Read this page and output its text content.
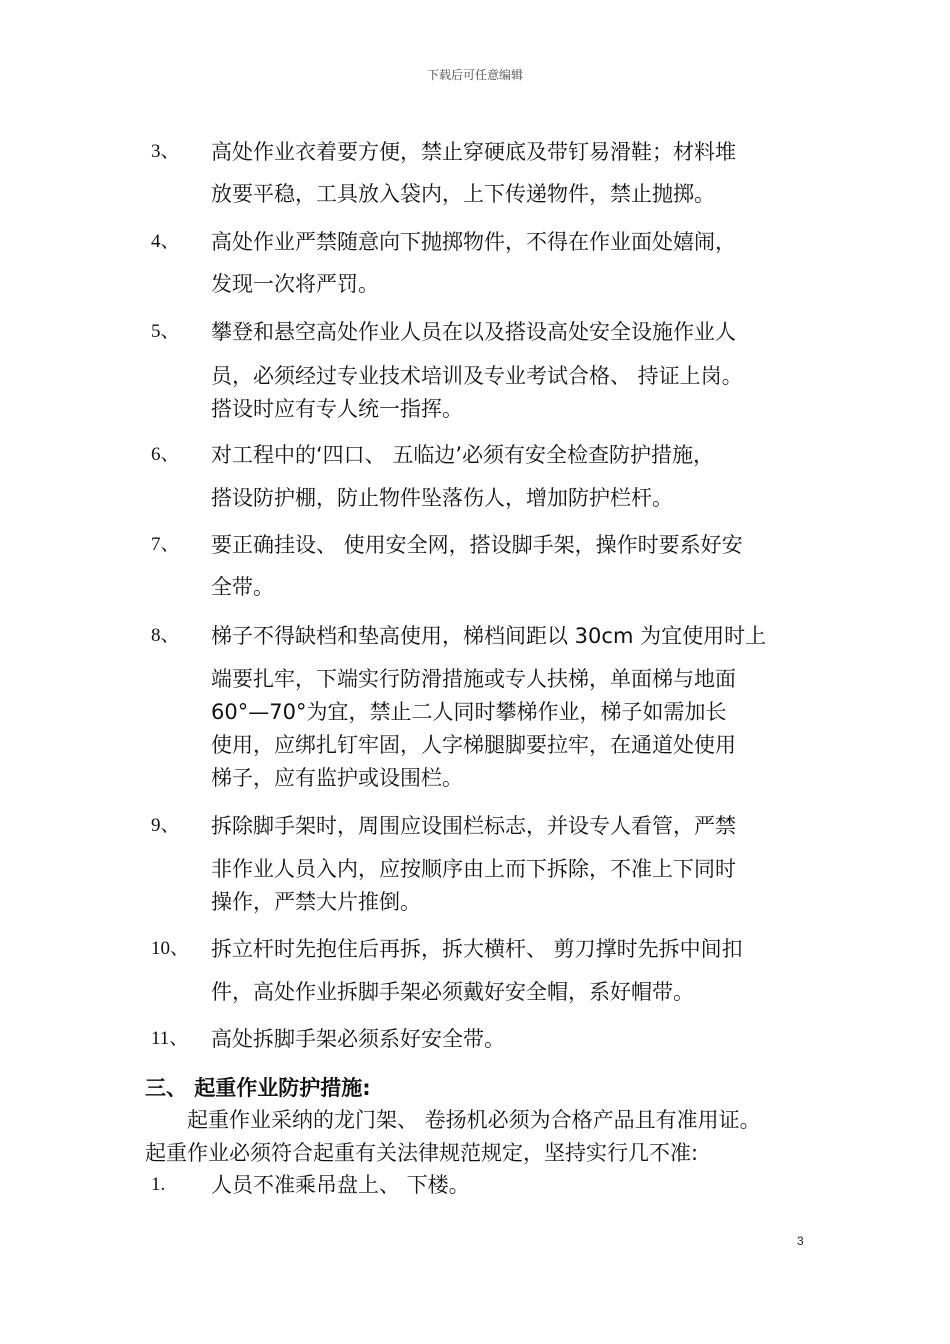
下载后可任意编辑
3、 高处作业衣着要方便，禁止穿硬底及带钉易滑鞋；材料堆
放要平稳，工具放入袋内，上下传递物件，禁止抛掷。
4、 高处作业严禁随意向下抛掷物件，不得在作业面处嬉闹，
发现一次将严罚。
5、 攀登和悬空高处作业人员在以及搭设高处安全设施作业人
员，必须经过专业技术培训及专业考试合格、 持证上岗。
搭设时应有专人统一指挥。
6、 对工程中的‘四口、 五临边’必须有安全检查防护措施，
搭设防护棚，防止物件坠落伤人，增加防护栏杆。
7、 要正确挂设、 使用安全网，搭设脚手架，操作时要系好安
全带。
8、 梯子不得缺档和垫高使用，梯档间距以 30cm 为宜使用时上
端要扎牢，下端实行防滑措施或专人扶梯，单面梯与地面
60°—70°为宜，禁止二人同时攀梯作业，梯子如需加长
使用，应绑扎钉牢固，人字梯腿脚要拉牢，在通道处使用
梯子，应有监护或设围栏。
9、 拆除脚手架时，周围应设围栏标志，并设专人看管，严禁
非作业人员入内，应按顺序由上而下拆除，不准上下同时
操作，严禁大片推倒。
10、 拆立杆时先抱住后再拆，拆大横杆、 剪刀撑时先拆中间扣
件，高处作业拆脚手架必须戴好安全帽，系好帽带。
11、 高处拆脚手架必须系好安全带。
三、 起重作业防护措施:
起重作业采纳的龙门架、 卷扬机必须为合格产品且有准用证。
起重作业必须符合起重有关法律规范规定，坚持实行几不准:
1. 人员不准乘吊盘上、 下楼。
3
